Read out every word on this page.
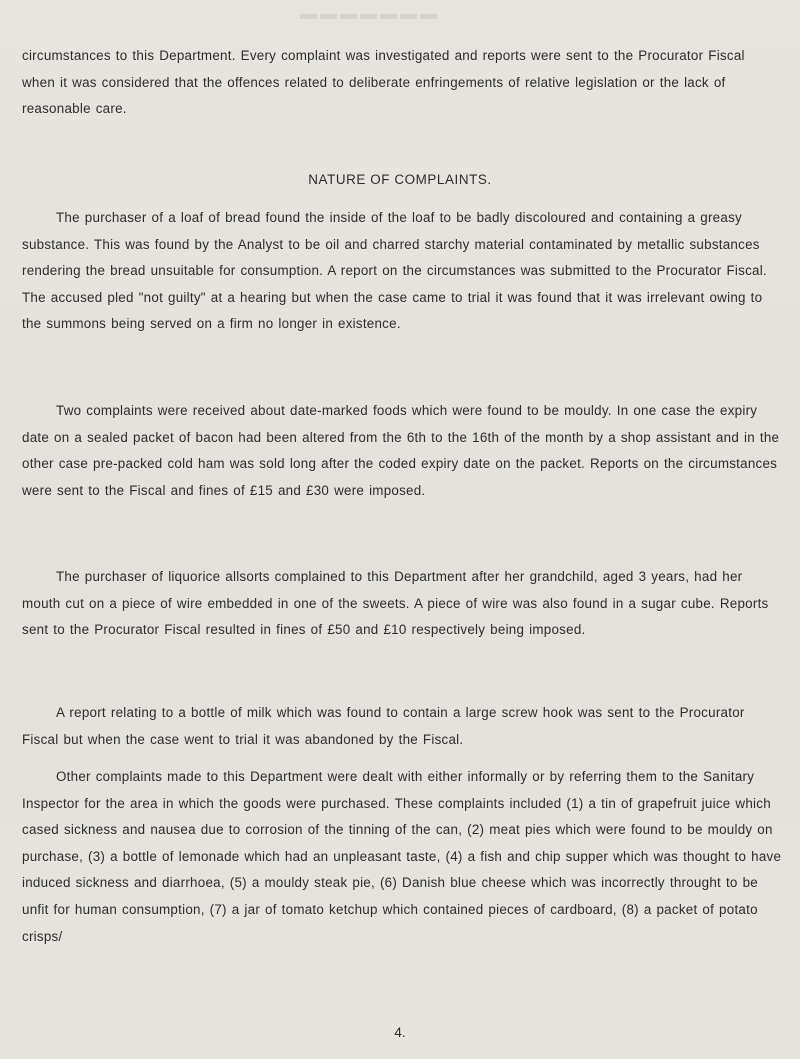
▬▬▬▬▬▬▬

circumstances to this Department. Every complaint was investigated and reports were sent to the Procurator Fiscal when it was considered that the offences related to deliberate enfringements of relative legislation or the lack of reasonable care.

NATURE OF COMPLAINTS.

The purchaser of a loaf of bread found the inside of the loaf to be badly discoloured and containing a greasy substance. This was found by the Analyst to be oil and charred starchy material contaminated by metallic substances rendering the bread unsuitable for consumption. A report on the circumstances was submitted to the Procurator Fiscal. The accused pled "not guilty" at a hearing but when the case came to trial it was found that it was irrelevant owing to the summons being served on a firm no longer in existence.

Two complaints were received about date-marked foods which were found to be mouldy. In one case the expiry date on a sealed packet of bacon had been altered from the 6th to the 16th of the month by a shop assistant and in the other case pre-packed cold ham was sold long after the coded expiry date on the packet. Reports on the circumstances were sent to the Fiscal and fines of £15 and £30 were imposed.

The purchaser of liquorice allsorts complained to this Department after her grandchild, aged 3 years, had her mouth cut on a piece of wire embedded in one of the sweets. A piece of wire was also found in a sugar cube. Reports sent to the Procurator Fiscal resulted in fines of £50 and £10 respectively being imposed.

A report relating to a bottle of milk which was found to contain a large screw hook was sent to the Procurator Fiscal but when the case went to trial it was abandoned by the Fiscal.

Other complaints made to this Department were dealt with either informally or by referring them to the Sanitary Inspector for the area in which the goods were purchased. These complaints included (1) a tin of grapefruit juice which cased sickness and nausea due to corrosion of the tinning of the can, (2) meat pies which were found to be mouldy on purchase, (3) a bottle of lemonade which had an unpleasant taste, (4) a fish and chip supper which was thought to have induced sickness and diarrhoea, (5) a mouldy steak pie, (6) Danish blue cheese which was incorrectly throught to be unfit for human consumption, (7) a jar of tomato ketchup which contained pieces of cardboard, (8) a packet of potato crisps/

4.
